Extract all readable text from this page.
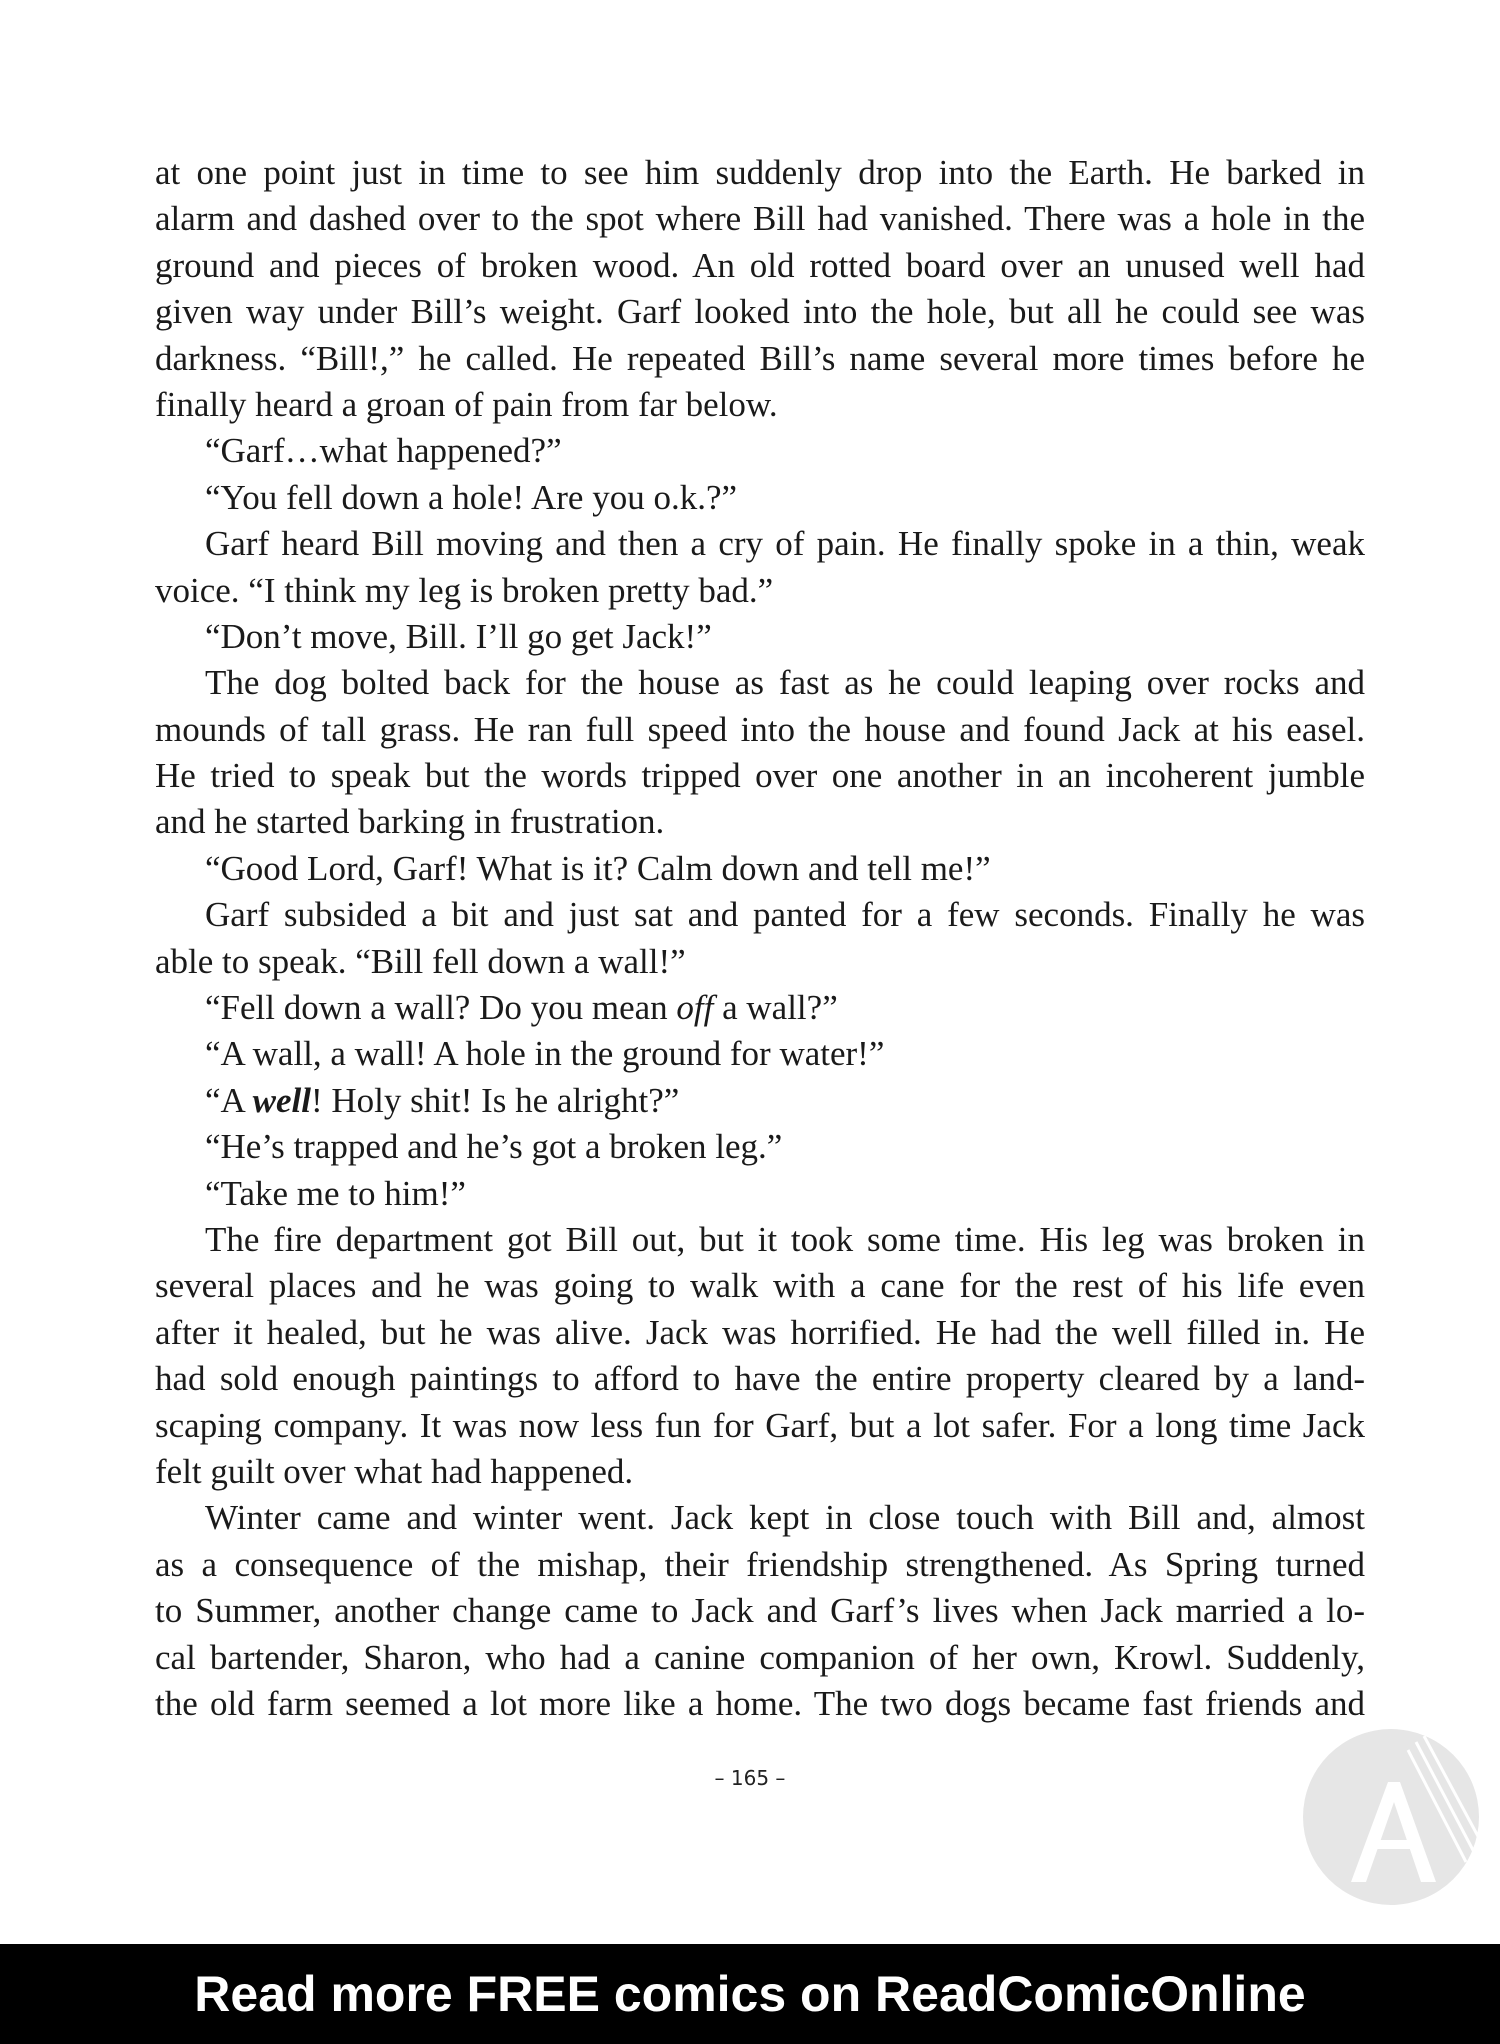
at one point just in time to see him suddenly drop into the Earth. He barked in
alarm and dashed over to the spot where Bill had vanished. There was a hole in the
ground and pieces of broken wood. An old rotted board over an unused well had
given way under Bill’s weight. Garf looked into the hole, but all he could see was
darkness. “Bill!,” he called. He repeated Bill’s name several more times before he
finally heard a groan of pain from far below.
“Garf…what happened?”
“You fell down a hole! Are you o.k.?”
Garf heard Bill moving and then a cry of pain. He finally spoke in a thin, weak
voice. “I think my leg is broken pretty bad.”
“Don’t move, Bill. I’ll go get Jack!”
The dog bolted back for the house as fast as he could leaping over rocks and
mounds of tall grass. He ran full speed into the house and found Jack at his easel.
He tried to speak but the words tripped over one another in an incoherent jumble
and he started barking in frustration.
“Good Lord, Garf! What is it? Calm down and tell me!”
Garf subsided a bit and just sat and panted for a few seconds. Finally he was
able to speak. “Bill fell down a wall!”
“Fell down a wall? Do you mean off a wall?”
“A wall, a wall! A hole in the ground for water!”
“A well! Holy shit! Is he alright?”
“He’s trapped and he’s got a broken leg.”
“Take me to him!”
The fire department got Bill out, but it took some time. His leg was broken in
several places and he was going to walk with a cane for the rest of his life even
after it healed, but he was alive. Jack was horrified. He had the well filled in. He
had sold enough paintings to afford to have the entire property cleared by a land-
scaping company. It was now less fun for Garf, but a lot safer. For a long time Jack
felt guilt over what had happened.
Winter came and winter went. Jack kept in close touch with Bill and, almost
as a consequence of the mishap, their friendship strengthened. As Spring turned
to Summer, another change came to Jack and Garf’s lives when Jack married a lo-
cal bartender, Sharon, who had a canine companion of her own, Krowl. Suddenly,
the old farm seemed a lot more like a home. The two dogs became fast friends and
– 165 –
Read more FREE comics on ReadComicOnline
